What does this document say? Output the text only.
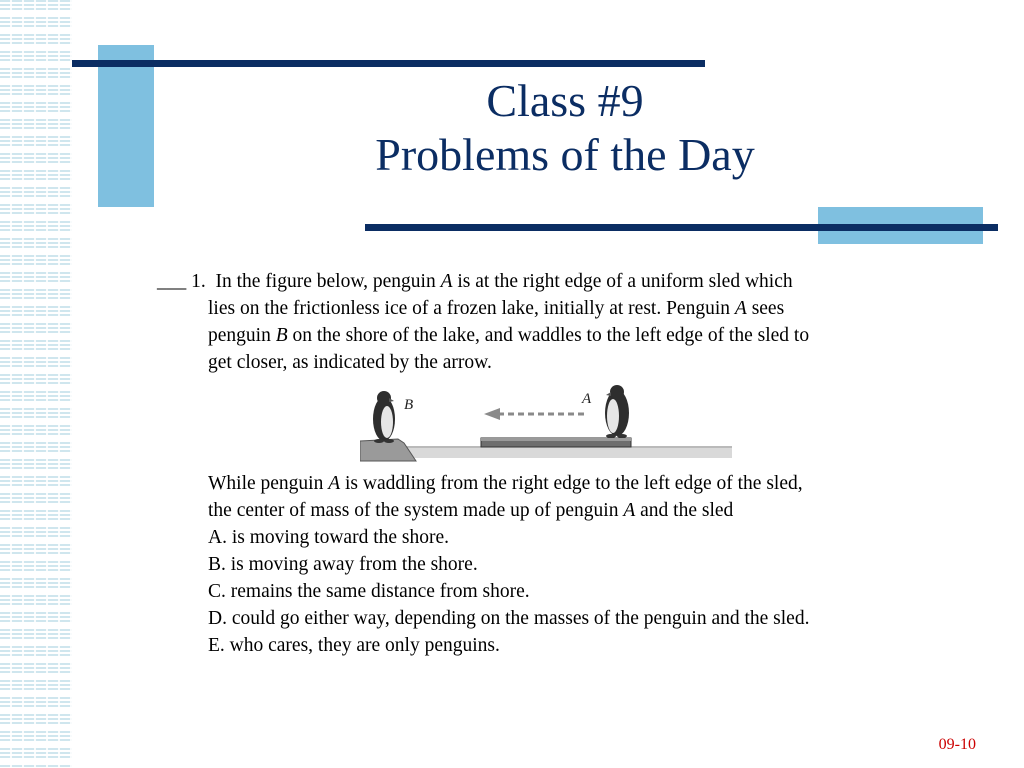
Class #9
Problems of the Day
___ 1. In the figure below, penguin A is at the right edge of a uniform sled which
lies on the frictionless ice of a frozen lake, initially at rest. Penguin A sees
penguin B on the shore of the lake, and waddles to the left edge of the sled to
get closer, as indicated by the arrow.
B	A
While penguin A is waddling from the right edge to the left edge of the sled,
the center of mass of the system made up of penguin A and the sled
A. is moving toward the shore.
B. is moving away from the shore.
C. remains the same distance from shore.
D. could go either way, depending on the masses of the penguin and the sled.
E. who cares, they are only penguins.
09-10
